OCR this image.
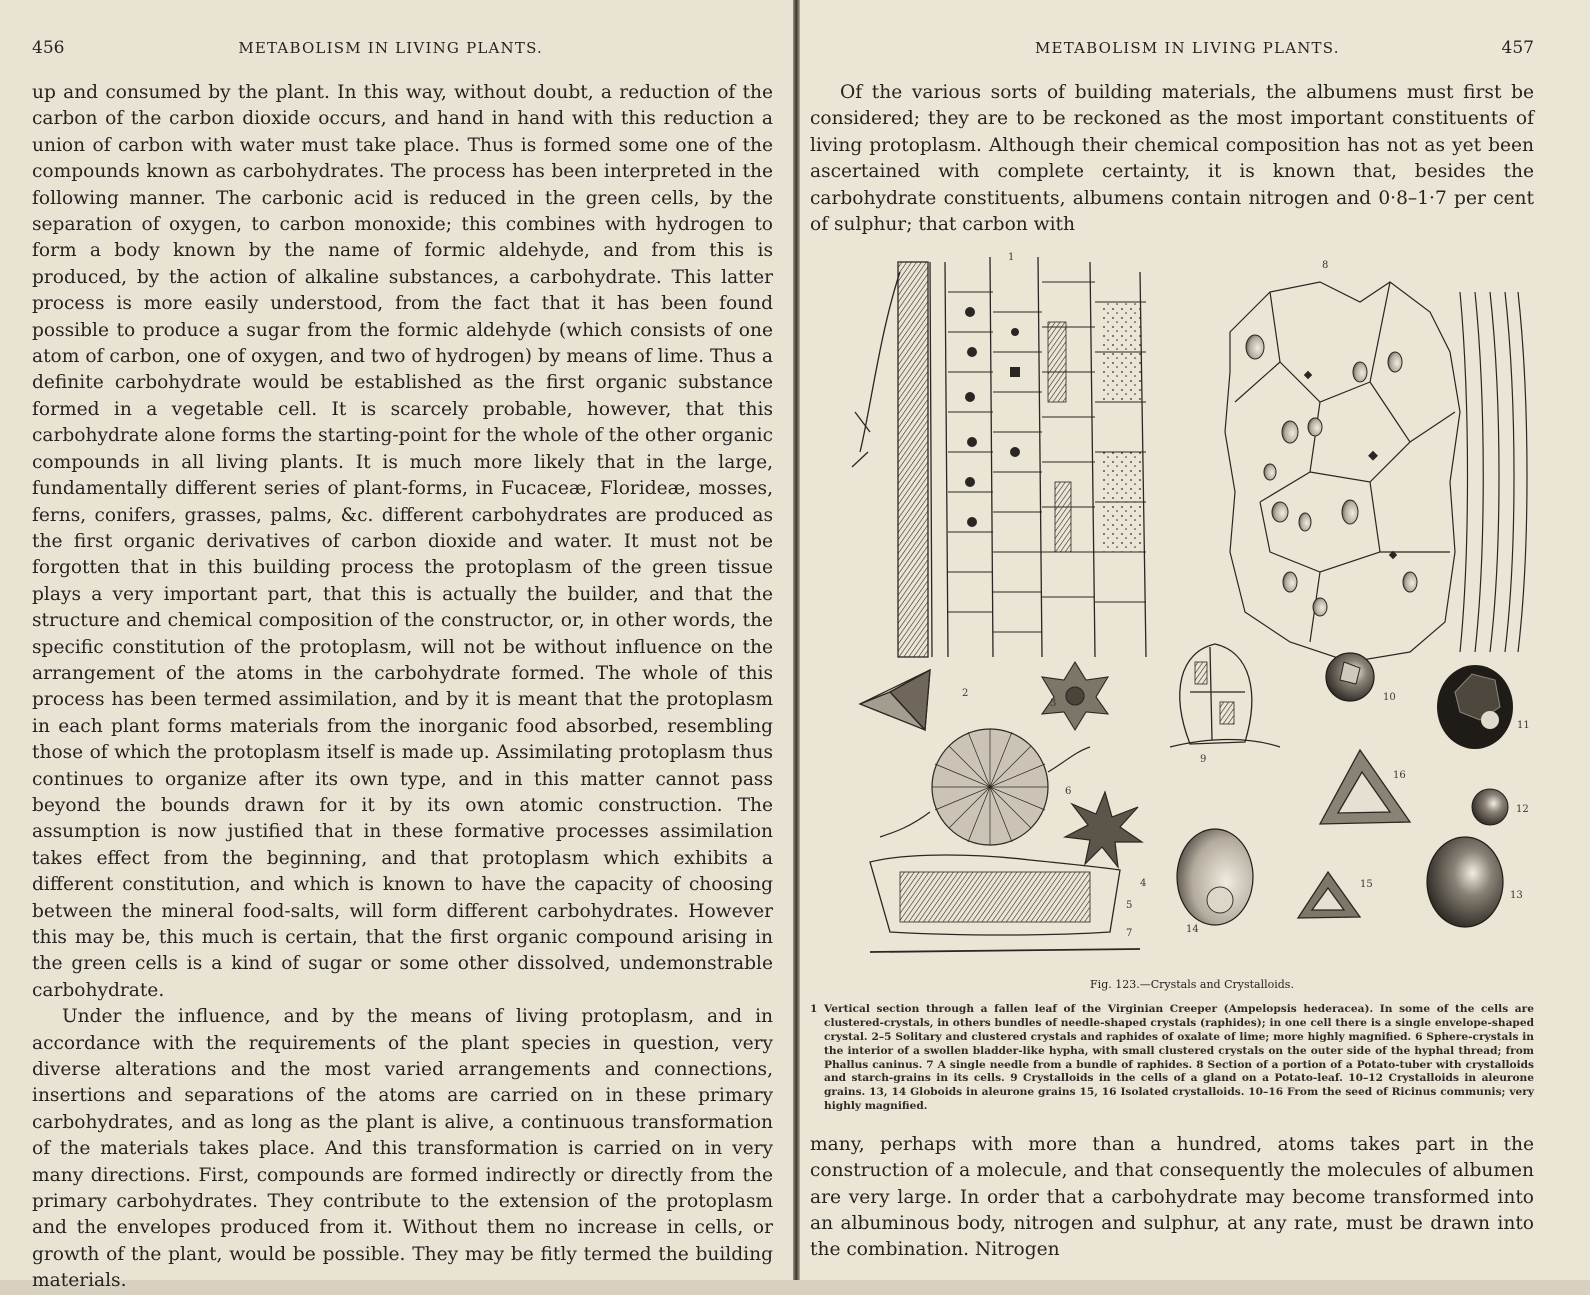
456	METABOLISM IN LIVING PLANTS.

up and consumed by the plant. In this way, without doubt, a reduction of the carbon of the carbon dioxide occurs, and hand in hand with this reduction a union of carbon with water must take place. Thus is formed some one of the compounds known as carbohydrates. The process has been interpreted in the following manner. The carbonic acid is reduced in the green cells, by the separation of oxygen, to carbon monoxide; this combines with hydrogen to form a body known by the name of formic aldehyde, and from this is produced, by the action of alkaline substances, a carbohydrate. This latter process is more easily understood, from the fact that it has been found possible to produce a sugar from the formic aldehyde (which consists of one atom of carbon, one of oxygen, and two of hydrogen) by means of lime. Thus a definite carbohydrate would be established as the first organic substance formed in a vegetable cell. It is scarcely probable, however, that this carbohydrate alone forms the starting-point for the whole of the other organic compounds in all living plants. It is much more likely that in the large, fundamentally different series of plant-forms, in Fucaceæ, Florideæ, mosses, ferns, conifers, grasses, palms, &c. different carbohydrates are produced as the first organic derivatives of carbon dioxide and water. It must not be forgotten that in this building process the protoplasm of the green tissue plays a very important part, that this is actually the builder, and that the structure and chemical composition of the constructor, or, in other words, the specific constitution of the protoplasm, will not be without influence on the arrangement of the atoms in the carbohydrate formed. The whole of this process has been termed assimilation, and by it is meant that the protoplasm in each plant forms materials from the inorganic food absorbed, resembling those of which the protoplasm itself is made up. Assimilating protoplasm thus continues to organize after its own type, and in this matter cannot pass beyond the bounds drawn for it by its own atomic construction. The assumption is now justified that in these formative processes assimilation takes effect from the beginning, and that protoplasm which exhibits a different constitution, and which is known to have the capacity of choosing between the mineral food-salts, will form different carbohydrates. However this may be, this much is certain, that the first organic compound arising in the green cells is a kind of sugar or some other dissolved, undemonstrable carbohydrate.

Under the influence, and by the means of living protoplasm, and in accordance with the requirements of the plant species in question, very diverse alterations and the most varied arrangements and connections, insertions and separations of the atoms are carried on in these primary carbohydrates, and as long as the plant is alive, a continuous transformation of the materials takes place. And this transformation is carried on in very many directions. First, compounds are formed indirectly or directly from the primary carbohydrates. They contribute to the extension of the protoplasm and the envelopes produced from it. Without them no increase in cells, or growth of the plant, would be possible. They may be fitly termed the building materials.

METABOLISM IN LIVING PLANTS.	457

Of the various sorts of building materials, the albumens must first be considered; they are to be reckoned as the most important constituents of living protoplasm. Although their chemical composition has not as yet been ascertained with complete certainty, it is known that, besides the carbohydrate constituents, albumens contain nitrogen and 0·8–1·7 per cent of sulphur; that carbon with

1
8
2
3
9
10
11
16
12
6
4
5
15
13
14
7
Fig. 123.—Crystals and Crystalloids.

1 Vertical section through a fallen leaf of the Virginian Creeper (Ampelopsis hederacea). In some of the cells are clustered-crystals, in others bundles of needle-shaped crystals (raphides); in one cell there is a single envelope-shaped crystal. 2–5 Solitary and clustered crystals and raphides of oxalate of lime; more highly magnified. 6 Sphere-crystals in the interior of a swollen bladder-like hypha, with small clustered crystals on the outer side of the hyphal thread; from Phallus caninus. 7 A single needle from a bundle of raphides. 8 Section of a portion of a Potato-tuber with crystalloids and starch-grains in its cells. 9 Crystalloids in the cells of a gland on a Potato-leaf. 10–12 Crystalloids in aleurone grains. 13, 14 Globoids in aleurone grains 15, 16 Isolated crystalloids. 10–16 From the seed of Ricinus communis; very highly magnified.

many, perhaps with more than a hundred, atoms takes part in the construction of a molecule, and that consequently the molecules of albumen are very large. In order that a carbohydrate may become transformed into an albuminous body, nitrogen and sulphur, at any rate, must be drawn into the combination. Nitrogen
